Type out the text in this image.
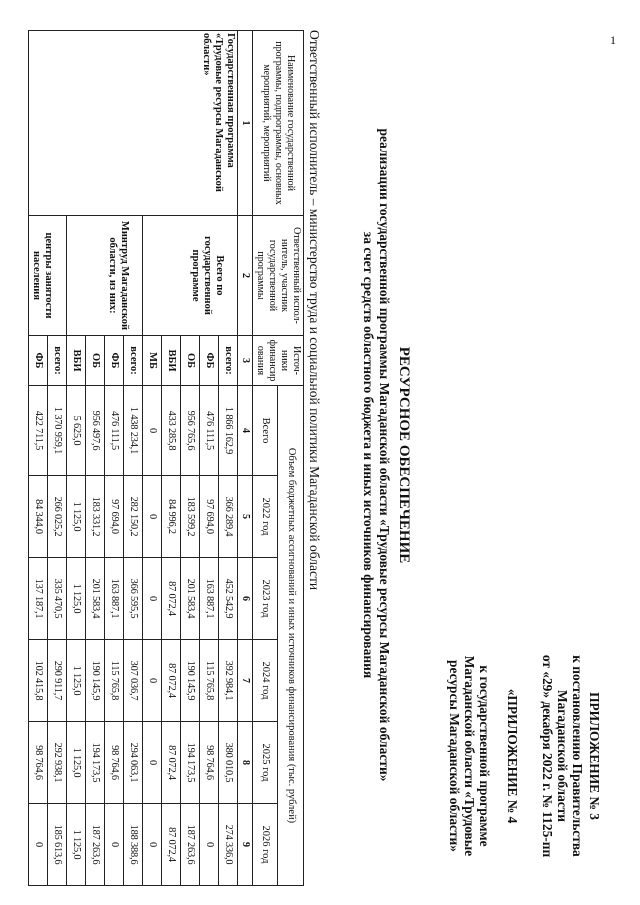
1
ПРИЛОЖЕНИЕ № 3
к постановлению Правительства
Магаданской области
от «29» декабря 2022 г. № 1125-пп
«ПРИЛОЖЕНИЕ № 4
к государственной программе
Магаданской области «Трудовые
ресурсы Магаданской области»
РЕСУРСНОЕ ОБЕСПЕЧЕНИЕ
реализации государственной программы Магаданской области «Трудовые ресурсы Магаданской области»
за счет средств областного бюджета и иных источников финансирования
Ответственный исполнитель – министерство труда и социальной политики Магаданской области
Наименование государственной программы, подпрограммы, основных мероприятий, мероприятий	Ответственный испол-нитель, участник государственной программы	Источ-ники финансир ования	Объем бюджетных ассигнований и иных источников финансирования (тыс. рублей)					
			Всего	2022 год	2023 год	2024 год	2025 год	2026 год
1	2	3	4	5	6	7	8	9
Государственная программа «Трудовые ресурсы Магаданской области»	Всего по государственной программе	всего:	1 866 162,9	366 289,4	452 542,9	392 984,1	380 010,5	274 336,0
		ФБ	476 111,5	97 694,0	163 887,1	115 765,8	98 764,6	0
		ОБ	956 765,6	183 599,2	201 583,4	190 145,9	194 173,5	187 263,6
		ВБИ	433 285,8	84 996,2	87 072,4	87 072,4	87 072,4	87 072,4
		МБ	0	0	0	0	0	0
	Минтруд Магаданской области, из них:	всего:	1 438 234,1	282 150,2	366 595,5	307 036,7	294 063,1	188 388,6
		ФБ	476 111,5	97 694,0	163 887,1	115 765,8	98 764,6	0
		ОБ	956 497,6	183 331,2	201 583,4	190 145,9	194 173,5	187 263,6
		ВБИ	5 625,0	1 125,0	1 125,0	1 125,0	1 125,0	1 125,0
	центры занятости населения	всего:	1 370 959,1	266 025,2	335 470,5	290 911,7	292 938,1	185 613,6
		ФБ	422 711,5	84 344,0	137 187,1	102 415,8	98 764,6	0
